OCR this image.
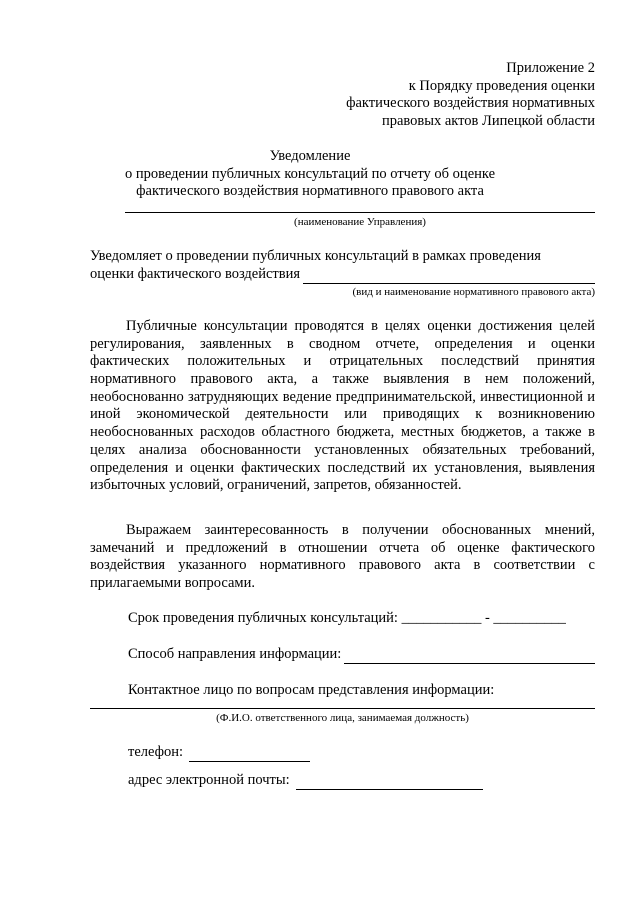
Приложение 2
к Порядку проведения оценки
фактического воздействия нормативных
правовых актов Липецкой области
Уведомление
о проведении публичных консультаций по отчету об оценке
фактического воздействия нормативного правового акта
(наименование Управления)
Уведомляет о проведении публичных консультаций в рамках проведения
оценки фактического воздействия
(вид и наименование нормативного правового акта)
Публичные консультации проводятся в целях оценки достижения целей регулирования, заявленных в сводном отчете, определения и оценки фактических положительных и отрицательных последствий принятия нормативного правового акта, а также выявления в нем положений, необоснованно затрудняющих ведение предпринимательской, инвестиционной и иной экономической деятельности или приводящих к возникновению необоснованных расходов областного бюджета, местных бюджетов, а также в целях анализа обоснованности установленных обязательных требований, определения и оценки фактических последствий их установления, выявления избыточных условий, ограничений, запретов, обязанностей.
Выражаем заинтересованность в получении обоснованных мнений, замечаний и предложений в отношении отчета об оценке фактического воздействия указанного нормативного правового акта в соответствии с прилагаемыми вопросами.
Срок проведения публичных консультаций: ___________ - __________
Способ направления информации:
Контактное лицо по вопросам представления информации:
(Ф.И.О. ответственного лица, занимаемая должность)
телефон:
адрес электронной почты:
